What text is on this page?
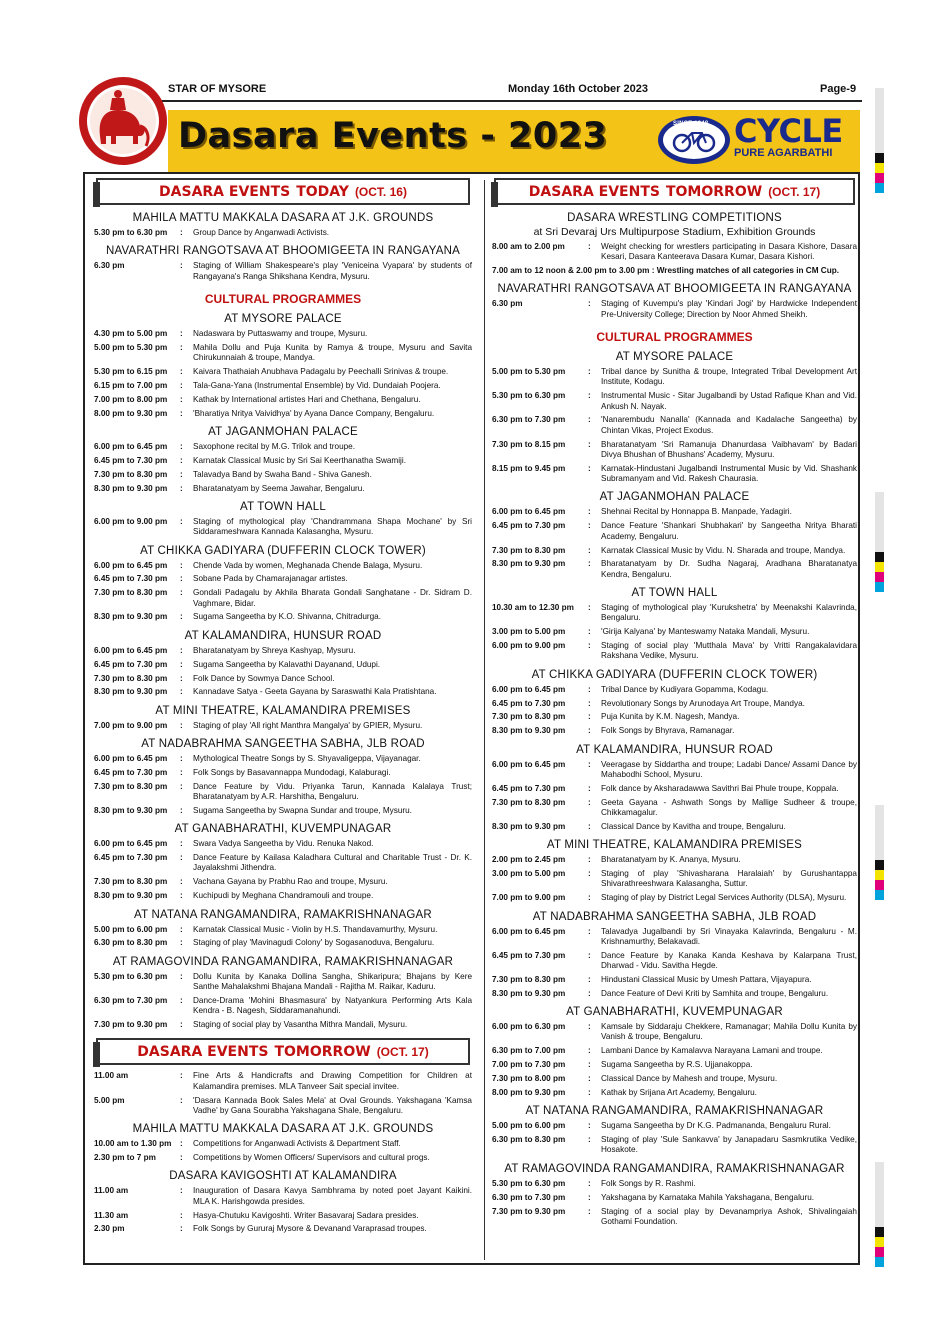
STAR OF MYSORE	Monday 16th October 2023	Page-9
Dasara Events - 2023	CYCLE
PURE AGARBATHI
SINCE 1948
CYCLE
DASARA EVENTS TODAY (OCT. 16)
MAHILA MATTU MAKKALA DASARA AT J.K. GROUNDS
5.30 pm to 6.30 pm	:	Group Dance by Anganwadi Activists.
NAVARATHRI RANGOTSAVA AT BHOOMIGEETA IN RANGAYANA
6.30 pm	:	Staging of William Shakespeare's play 'Veniceina Vyapara' by students of Rangayana's Ranga Shikshana Kendra, Mysuru.
CULTURAL PROGRAMMES
AT MYSORE PALACE
4.30 pm to 5.00 pm	:	Nadaswara by Puttaswamy and troupe, Mysuru.
5.00 pm to 5.30 pm	:	Mahila Dollu and Puja Kunita by Ramya & troupe, Mysuru and Savita Chirukunnaiah & troupe, Mandya.
5.30 pm to 6.15 pm	:	Kaivara Thathaiah Anubhava Padagalu by Peechalli Srinivas & troupe.
6.15 pm to 7.00 pm	:	Tala-Gana-Yana (Instrumental Ensemble) by Vid. Dundaiah Poojera.
7.00 pm to 8.00 pm	:	Kathak by International artistes Hari and Chethana, Bengaluru.
8.00 pm to 9.30 pm	:	'Bharatiya Nritya Vaividhya' by Ayana Dance Company, Bengaluru.
AT JAGANMOHAN PALACE
6.00 pm to 6.45 pm	:	Saxophone recital by M.G. Trilok and troupe.
6.45 pm to 7.30 pm	:	Karnatak Classical Music by Sri Sai Keerthanatha Swamiji.
7.30 pm to 8.30 pm	:	Talavadya Band by Swaha Band - Shiva Ganesh.
8.30 pm to 9.30 pm	:	Bharatanatyam by Seema Jawahar, Bengaluru.
AT TOWN HALL
6.00 pm to 9.00 pm	:	Staging of mythological play 'Chandrammana Shapa Mochane' by Sri Siddarameshwara Kannada Kalasangha, Mysuru.
AT CHIKKA GADIYARA (DUFFERIN CLOCK TOWER)
6.00 pm to 6.45 pm	:	Chende Vada by women, Meghanada Chende Balaga, Mysuru.
6.45 pm to 7.30 pm	:	Sobane Pada by Chamarajanagar artistes.
7.30 pm to 8.30 pm	:	Gondali Padagalu by Akhila Bharata Gondali Sanghatane - Dr. Sidram D. Vaghmare, Bidar.
8.30 pm to 9.30 pm	:	Sugama Sangeetha by K.O. Shivanna, Chitradurga.
AT KALAMANDIRA, HUNSUR ROAD
6.00 pm to 6.45 pm	:	Bharatanatyam by Shreya Kashyap, Mysuru.
6.45 pm to 7.30 pm	:	Sugama Sangeetha by Kalavathi Dayanand, Udupi.
7.30 pm to 8.30 pm	:	Folk Dance by Sowmya Dance School.
8.30 pm to 9.30 pm	:	Kannadave Satya - Geeta Gayana by Saraswathi Kala Pratishtana.
AT MINI THEATRE, KALAMANDIRA PREMISES
7.00 pm to 9.00 pm	:	Staging of play 'All right Manthra Mangalya' by GPIER, Mysuru.
AT NADABRAHMA SANGEETHA SABHA, JLB ROAD
6.00 pm to 6.45 pm	:	Mythological Theatre Songs by S. Shyavaligeppa, Vijayanagar.
6.45 pm to 7.30 pm	:	Folk Songs by Basavannappa Mundodagi, Kalaburagi.
7.30 pm to 8.30 pm	:	Dance Feature by Vidu. Priyanka Tarun, Kannada Kalalaya Trust; Bharatanatyam by A.R. Harshitha, Bengaluru.
8.30 pm to 9.30 pm	:	Sugama Sangeetha by Swapna Sundar and troupe, Mysuru.
AT GANABHARATHI, KUVEMPUNAGAR
6.00 pm to 6.45 pm	:	Swara Vadya Sangeetha by Vidu. Renuka Nakod.
6.45 pm to 7.30 pm	:	Dance Feature by Kailasa Kaladhara Cultural and Charitable Trust - Dr. K. Jayalakshmi Jithendra.
7.30 pm to 8.30 pm	:	Vachana Gayana by Prabhu Rao and troupe, Mysuru.
8.30 pm to 9.30 pm	:	Kuchipudi by Meghana Chandramouli and troupe.
AT NATANA RANGAMANDIRA, RAMAKRISHNANAGAR
5.00 pm to 6.00 pm	:	Karnatak Classical Music - Violin by H.S. Thandavamurthy, Mysuru.
6.30 pm to 8.30 pm	:	Staging of play 'Mavinagudi Colony' by Sogasanoduva, Bengaluru.
AT RAMAGOVINDA RANGAMANDIRA, RAMAKRISHNANAGAR
5.30 pm to 6.30 pm	:	Dollu Kunita by Kanaka Dollina Sangha, Shikaripura; Bhajans by Kere Santhe Mahalakshmi Bhajana Mandali - Rajitha M. Raikar, Kaduru.
6.30 pm to 7.30 pm	:	Dance-Drama 'Mohini Bhasmasura' by Natyankura Performing Arts Kala Kendra - B. Nagesh, Siddaramanahundi.
7.30 pm to 9.30 pm	:	Staging of social play by Vasantha Mithra Mandali, Mysuru.
DASARA EVENTS TOMORROW (OCT. 17)
11.00 am	:	Fine Arts & Handicrafts and Drawing Competition for Children at Kalamandira premises. MLA Tanveer Sait special invitee.
5.00 pm	:	'Dasara Kannada Book Sales Mela' at Oval Grounds. Yakshagana 'Kamsa Vadhe' by Gana Sourabha Yakshagana Shale, Bengaluru.
MAHILA MATTU MAKKALA DASARA AT J.K. GROUNDS
10.00 am to 1.30 pm	:	Competitions for Anganwadi Activists & Department Staff.
2.30 pm to 7 pm	:	Competitions by Women Officers/ Supervisors and cultural progs.
DASARA KAVIGOSHTI AT KALAMANDIRA
11.00 am	:	Inauguration of Dasara Kavya Sambhrama by noted poet Jayant Kaikini. MLA K. Harishgowda presides.
11.30 am	:	Hasya-Chutuku Kavigoshti. Writer Basavaraj Sadara presides.
2.30 pm	:	Folk Songs by Gururaj Mysore & Devanand Varaprasad troupes.
DASARA EVENTS TOMORROW (OCT. 17)
DASARA WRESTLING COMPETITIONS
at Sri Devaraj Urs Multipurpose Stadium, Exhibition Grounds
8.00 am to 2.00 pm	:	Weight checking for wrestlers participating in Dasara Kishore, Dasara Kesari, Dasara Kanteerava Dasara Kumar, Dasara Kishori.
7.00 am to 12 noon & 2.00 pm to 3.00 pm : Wrestling matches of all categories in CM Cup.
NAVARATHRI RANGOTSAVA AT BHOOMIGEETA IN RANGAYANA
6.30 pm	:	Staging of Kuvempu's play 'Kindari Jogi' by Hardwicke Independent Pre-University College; Direction by Noor Ahmed Sheikh.
CULTURAL PROGRAMMES
AT MYSORE PALACE
5.00 pm to 5.30 pm	:	Tribal dance by Sunitha & troupe, Integrated Tribal Development Art Institute, Kodagu.
5.30 pm to 6.30 pm	:	Instrumental Music - Sitar Jugalbandi by Ustad Rafique Khan and Vid. Ankush N. Nayak.
6.30 pm to 7.30 pm	:	'Nanarembudu Nanalla' (Kannada and Kadalache Sangeetha) by Chintan Vikas, Project Exodus.
7.30 pm to 8.15 pm	:	Bharatanatyam 'Sri Ramanuja Dhanurdasa Vaibhavam' by Badari Divya Bhushan of Bhushans' Academy, Mysuru.
8.15 pm to 9.45 pm	:	Karnatak-Hindustani Jugalbandi Instrumental Music by Vid. Shashank Subramanyam and Vid. Rakesh Chaurasia.
AT JAGANMOHAN PALACE
6.00 pm to 6.45 pm	:	Shehnai Recital by Honnappa B. Manpade, Yadagiri.
6.45 pm to 7.30 pm	:	Dance Feature 'Shankari Shubhakari' by Sangeetha Nritya Bharati Academy, Bengaluru.
7.30 pm to 8.30 pm	:	Karnatak Classical Music by Vidu. N. Sharada and troupe, Mandya.
8.30 pm to 9.30 pm	:	Bharatanatyam by Dr. Sudha Nagaraj, Aradhana Bharatanatya Kendra, Bengaluru.
AT TOWN HALL
10.30 am to 12.30 pm	:	Staging of mythological play 'Kurukshetra' by Meenakshi Kalavrinda, Bengaluru.
3.00 pm to 5.00 pm	:	'Girija Kalyana' by Manteswamy Nataka Mandali, Mysuru.
6.00 pm to 9.00 pm	:	Staging of social play 'Mutthala Mava' by Vritti Rangakalavidara Rakshana Vedike, Mysuru.
AT CHIKKA GADIYARA (DUFFERIN CLOCK TOWER)
6.00 pm to 6.45 pm	:	Tribal Dance by Kudiyara Gopamma, Kodagu.
6.45 pm to 7.30 pm	:	Revolutionary Songs by Arunodaya Art Troupe, Mandya.
7.30 pm to 8.30 pm	:	Puja Kunita by K.M. Nagesh, Mandya.
8.30 pm to 9.30 pm	:	Folk Songs by Bhyrava, Ramanagar.
AT KALAMANDIRA, HUNSUR ROAD
6.00 pm to 6.45 pm	:	Veeragase by Siddartha and troupe; Ladabi Dance/ Assami Dance by Mahabodhi School, Mysuru.
6.45 pm to 7.30 pm	:	Folk dance by Aksharadawwa Savithri Bai Phule troupe, Koppala.
7.30 pm to 8.30 pm	:	Geeta Gayana - Ashwath Songs by Mallige Sudheer & troupe, Chikkamagalur.
8.30 pm to 9.30 pm	:	Classical Dance by Kavitha and troupe, Bengaluru.
AT MINI THEATRE, KALAMANDIRA PREMISES
2.00 pm to 2.45 pm	:	Bharatanatyam by K. Ananya, Mysuru.
3.00 pm to 5.00 pm	:	Staging of play 'Shivasharana Haralaiah' by Gurushantappa Shivarathreeshwara Kalasangha, Suttur.
7.00 pm to 9.00 pm	:	Staging of play by District Legal Services Authority (DLSA), Mysuru.
AT NADABRAHMA SANGEETHA SABHA, JLB ROAD
6.00 pm to 6.45 pm	:	Talavadya Jugalbandi by Sri Vinayaka Kalavrinda, Bengaluru - M. Krishnamurthy, Belakavadi.
6.45 pm to 7.30 pm	:	Dance Feature by Kanaka Kanda Keshava by Kalarpana Trust, Dharwad - Vidu. Savitha Hegde.
7.30 pm to 8.30 pm	:	Hindustani Classical Music by Umesh Pattara, Vijayapura.
8.30 pm to 9.30 pm	:	Dance Feature of Devi Kriti by Samhita and troupe, Bengaluru.
AT GANABHARATHI, KUVEMPUNAGAR
6.00 pm to 6.30 pm	:	Kamsale by Siddaraju Chekkere, Ramanagar; Mahila Dollu Kunita by Vanish & troupe, Bengaluru.
6.30 pm to 7.00 pm	:	Lambani Dance by Kamalavva Narayana Lamani and troupe.
7.00 pm to 7.30 pm	:	Sugama Sangeetha by R.S. Ujjanakoppa.
7.30 pm to 8.00 pm	:	Classical Dance by Mahesh and troupe, Mysuru.
8.00 pm to 9.30 pm	:	Kathak by Srijana Art Academy, Bengaluru.
AT NATANA RANGAMANDIRA, RAMAKRISHNANAGAR
5.00 pm to 6.00 pm	:	Sugama Sangeetha by Dr K.G. Padmananda, Bengaluru Rural.
6.30 pm to 8.30 pm	:	Staging of play 'Sule Sankavva' by Janapadaru Sasmkrutika Vedike, Hosakote.
AT RAMAGOVINDA RANGAMANDIRA, RAMAKRISHNANAGAR
5.30 pm to 6.30 pm	:	Folk Songs by R. Rashmi.
6.30 pm to 7.30 pm	:	Yakshagana by Karnataka Mahila Yakshagana, Bengaluru.
7.30 pm to 9.30 pm	:	Staging of a social play by Devanampriya Ashok, Shivalingaiah Gothami Foundation.
